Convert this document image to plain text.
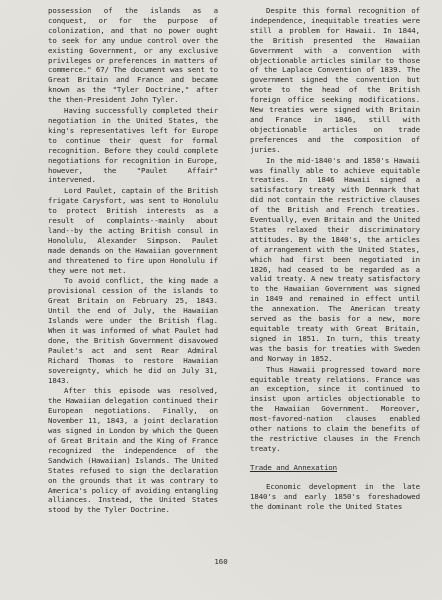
possession of the islands as a conquest, or for the purpose of colonization, and that no power ought to seek for any undue control over the existing Government, or any exclusive privileges or preferences in matters of commerce." 67/ The document was sent to Great Britain and France and became known as the "Tyler Doctrine," after the then-President John Tyler.

Having successfully completed their negotiation in the United States, the king's representatives left for Europe to continue their quest for formal recognition. Before they could complete negotiations for recognition in Europe, however, the "Paulet Affair" intervened.

Lord Paulet, captain of the British frigate Carysfort, was sent to Honolulu to protect British interests as a result of complaints--mainly about land--by the acting British consul in Honolulu, Alexander Simpson. Paulet made demands on the Hawaiian government and threatened to fire upon Honolulu if they were not met.

To avoid conflict, the king made a provisional cession of the islands to Great Britain on February 25, 1843. Until the end of July, the Hawaiian Islands were under the British flag. When it was informed of what Paulet had done, the British Government disavowed Paulet's act and sent Rear Admiral Richard Thomas to restore Hawaiian sovereignty, which he did on July 31, 1843.

After this episode was resolved, the Hawaiian delegation continued their European negotiations. Finally, on November 11, 1843, a joint declaration was signed in London by which the Queen of Great Britain and the King of France recognized the independence of the Sandwich (Hawaiian) Islands. The United States refused to sign the declaration on the grounds that it was contrary to America's policy of avoiding entangling alliances. Instead, the United States stood by the Tyler Doctrine.

Despite this formal recognition of independence, inequitable treaties were still a problem for Hawaii. In 1844, the British presented the Hawaiian Government with a convention with objectionable articles similar to those of the Laplace Convention of 1839. The government signed the convention but wrote to the head of the British foreign office seeking modifications. New treaties were signed with Britain and France in 1846, still with objectionable articles on trade preferences and the composition of juries.

In the mid-1840's and 1850's Hawaii was finally able to achieve equitable treaties. In 1846 Hawaii signed a satisfactory treaty with Denmark that did not contain the restrictive clauses of the British and French treaties. Eventually, even Britain and the United States relaxed their discriminatory attitudes. By the 1840's, the articles of arrangement with the United States, which had first been negotiated in 1826, had ceased to be regarded as a valid treaty. A new treaty satisfactory to the Hawaiian Government was signed in 1849 and remained in effect until the annexation. The American treaty served as the basis for a new, more equitable treaty with Great Britain, signed in 1851. In turn, this treaty was the basis for treaties with Sweden and Norway in 1852.

Thus Hawaii progressed toward more equitable treaty relations. France was an exception, since it continued to insist upon articles objectionable to the Hawaiian Government. Moreover, most-favored-nation clauses enabled other nations to claim the benefits of the restrictive clauses in the French treaty.

Trade and Annexation

Economic development in the late 1840's and early 1850's foreshadowed the dominant role the United States

160
